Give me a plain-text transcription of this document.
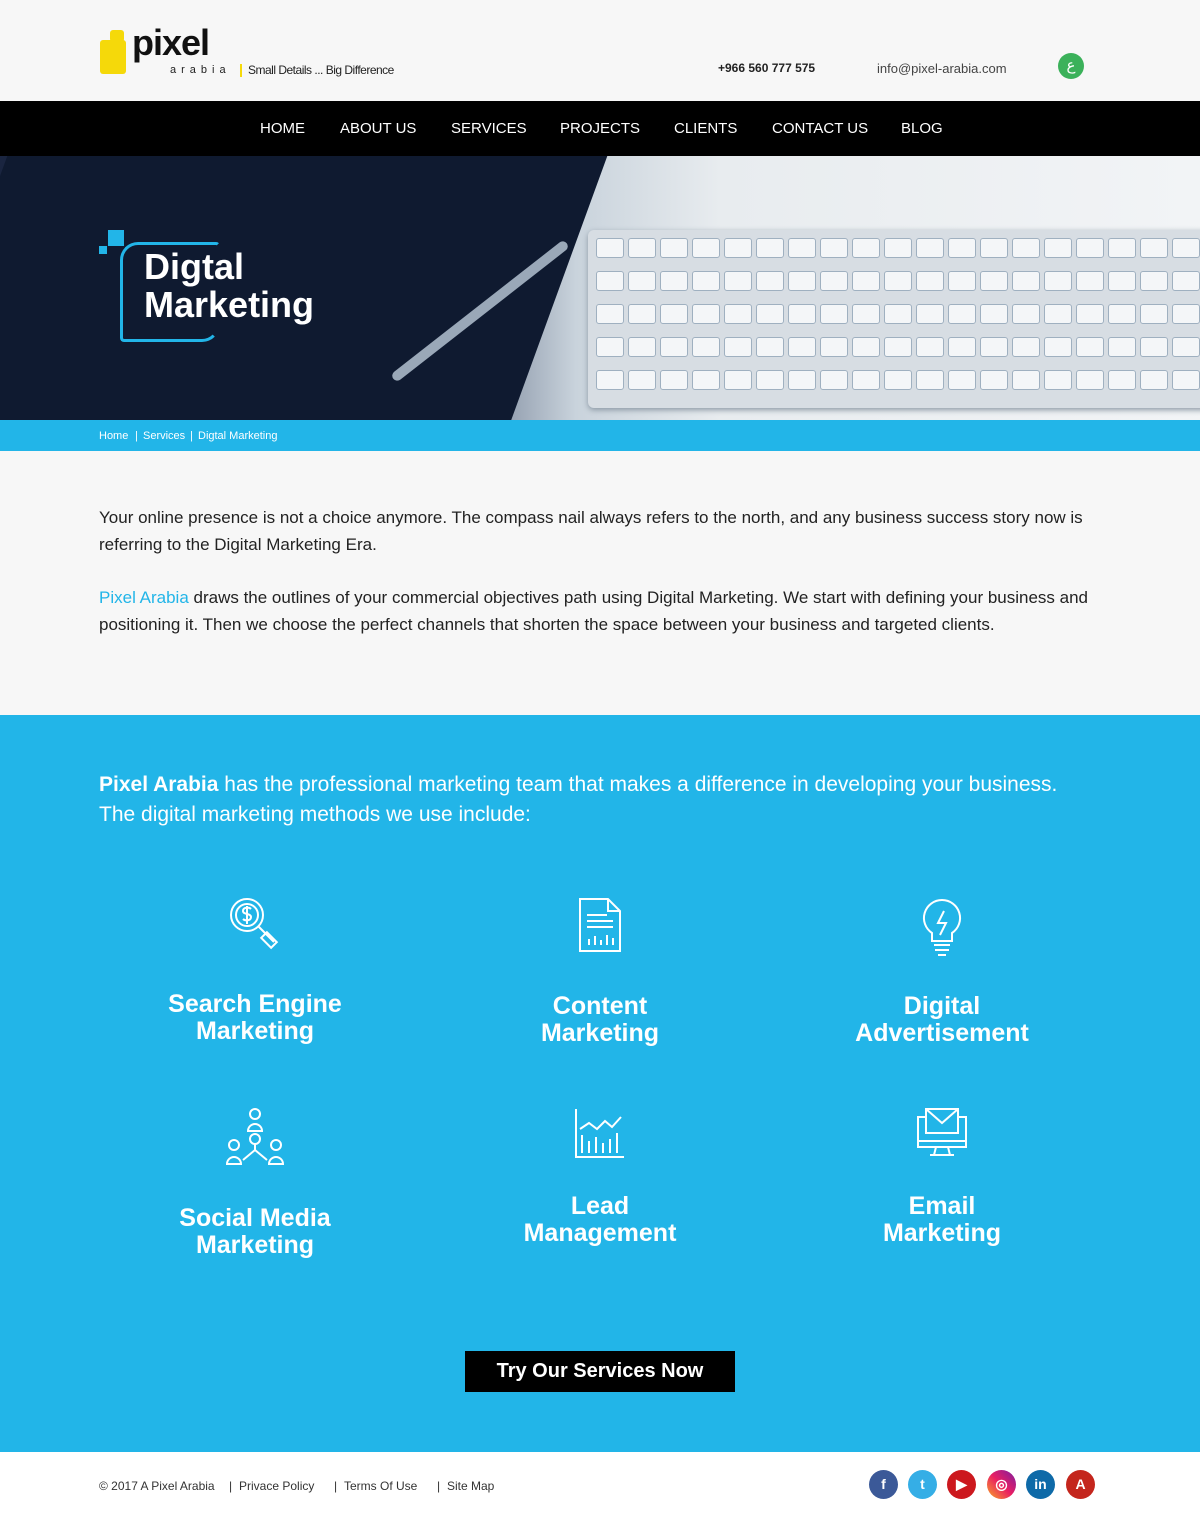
pixel
arabia	Small Details ... Big Difference	+966 560 777 575	info@pixel-arabia.com	ع
HOME ABOUT US SERVICES PROJECTS CLIENTS CONTACT US BLOG
Digtal
Marketing
Home | Services | Digtal Marketing

Your online presence is not a choice anymore. The compass nail always refers to the north, and any business success story now is referring to the Digital Marketing Era.

Pixel Arabia draws the outlines of your commercial objectives path using Digital Marketing. We start with defining your business and positioning it. Then we choose the perfect channels that shorten the space between your business and targeted clients.

Pixel Arabia has the professional marketing team that makes a difference in developing your business. The digital marketing methods we use include:
Search Engine
Marketing
Content
Marketing
Digital
Advertisement
Social Media
Marketing
Lead
Management
Email
Marketing
Try Our Services Now
© 2017 A Pixel Arabia | Privace Policy | Terms Of Use | Site Map	f	t	▶	◎	in	A
